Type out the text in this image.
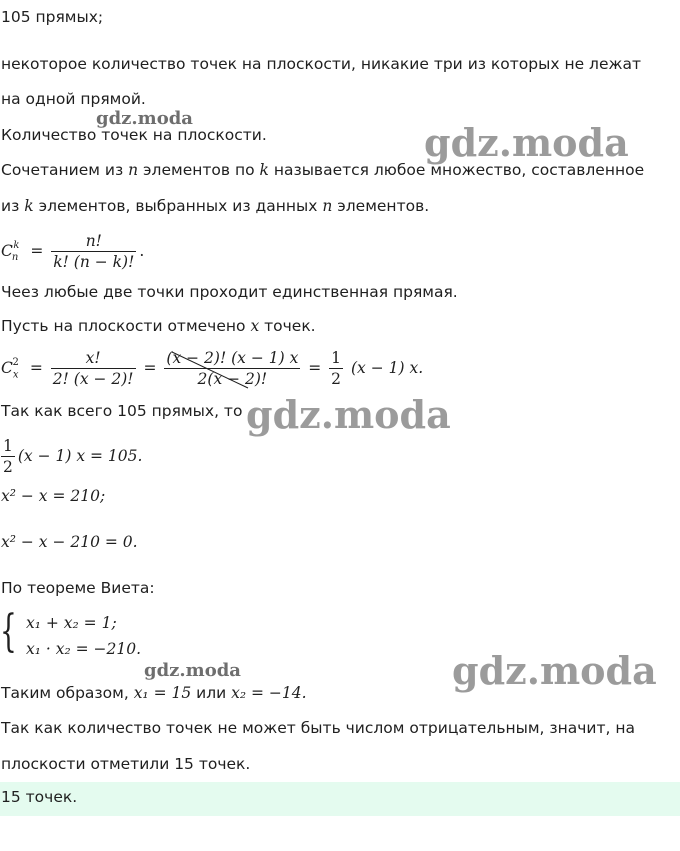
105 прямых;
некоторое количество точек на плоскости, никакие три из которых не лежат
на одной прямой.
Количество точек на плоскости.
Сочетанием из n элементов по k называется любое множество, составленное
из k элементов, выбранных из данных n элементов.
$C_n^k = \frac{n!}{k! (n - k)!}$ .
Чеез любые две точки проходит единственная прямая.
Пусть на плоскости отмечено x точек.
$C_x^2 = \frac{x!}{2! (x - 2)!} = \frac{(x - 2)! (x - 1) x}{2(x - 2)!} = \frac{1}{2} (x - 1)$ x.
Так как всего 105 прямых, то
$\frac{1}{2} (x - 1) x = 105$.
x² − x = 210;
x² − x − 210 = 0.
По теореме Виета:
{ x₁ + x₂ = 1;
x₁ · x₂ = −210.
Таким образом, x₁ = 15 или x₂ = −14.
Так как количество точек не может быть числом отрицательным, значит, на
плоскости отметили 15 точек.
15 точек.
gdz.moda
gdz.moda
gdz.moda
gdz.moda	gdz.moda
